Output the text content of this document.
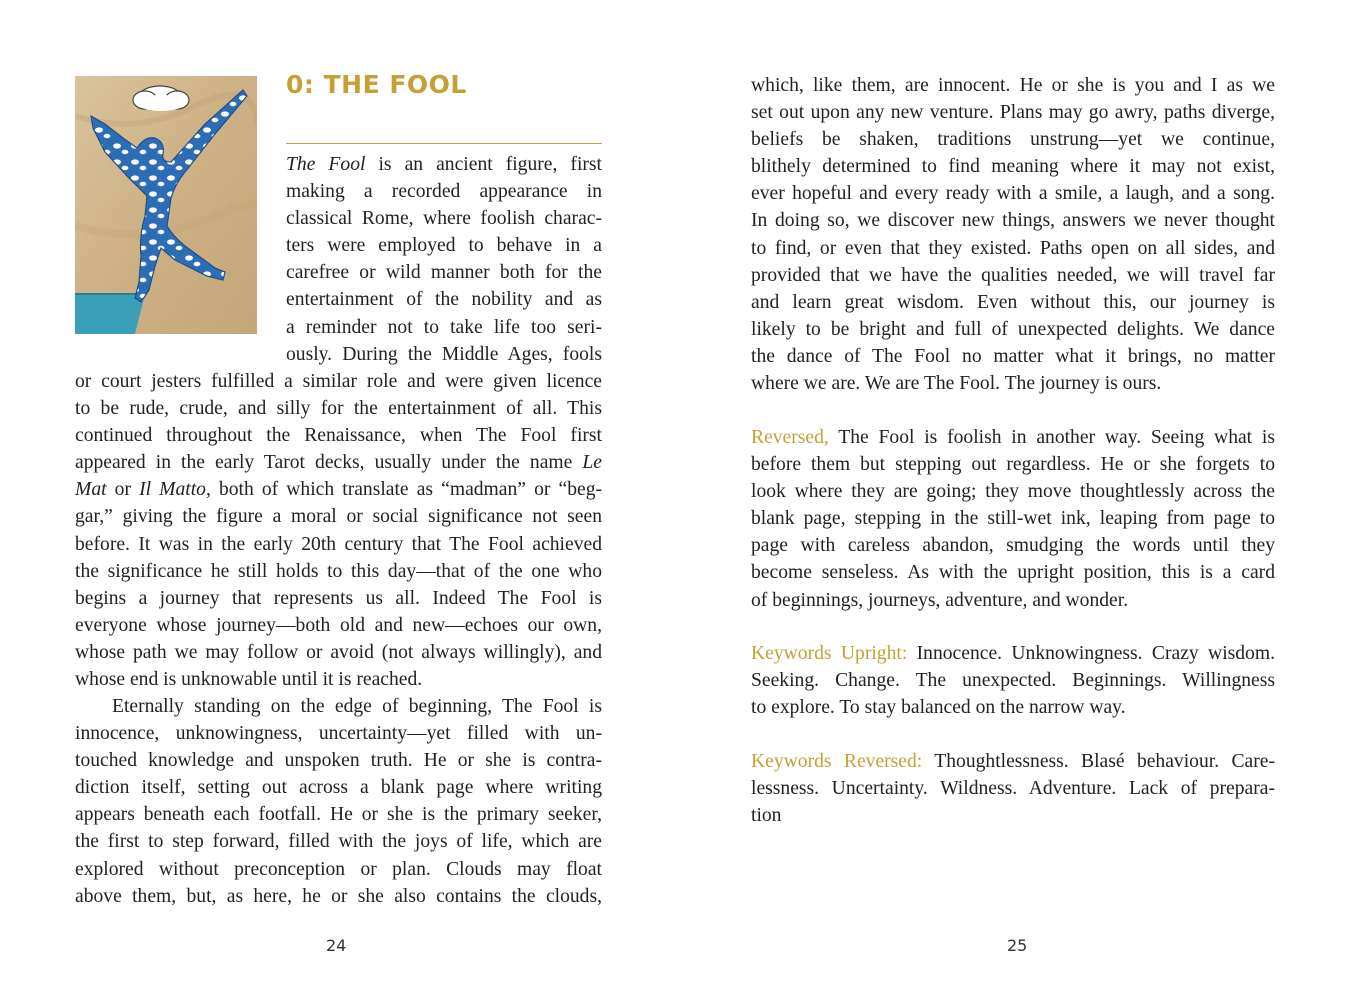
0: THE FOOL
The Fool is an ancient figure, first
making a recorded appearance in
classical Rome, where foolish charac-
ters were employed to behave in a
carefree or wild manner both for the
entertainment of the nobility and as
a reminder not to take life too seri-
ously. During the Middle Ages, fools
or court jesters fulfilled a similar role and were given licence
to be rude, crude, and silly for the entertainment of all. This
continued throughout the Renaissance, when The Fool first
appeared in the early Tarot decks, usually under the name Le
Mat or Il Matto, both of which translate as “madman” or “beg-
gar,” giving the figure a moral or social significance not seen
before. It was in the early 20th century that The Fool achieved
the significance he still holds to this day—that of the one who
begins a journey that represents us all. Indeed The Fool is
everyone whose journey—both old and new—echoes our own,
whose path we may follow or avoid (not always willingly), and
whose end is unknowable until it is reached.
Eternally standing on the edge of beginning, The Fool is
innocence, unknowingness, uncertainty—yet filled with un-
touched knowledge and unspoken truth. He or she is contra-
diction itself, setting out across a blank page where writing
appears beneath each footfall. He or she is the primary seeker,
the first to step forward, filled with the joys of life, which are
explored without preconception or plan. Clouds may float
above them, but, as here, he or she also contains the clouds,
24
which, like them, are innocent. He or she is you and I as we
set out upon any new venture. Plans may go awry, paths diverge,
beliefs be shaken, traditions unstrung—yet we continue,
blithely determined to find meaning where it may not exist,
ever hopeful and every ready with a smile, a laugh, and a song.
In doing so, we discover new things, answers we never thought
to find, or even that they existed. Paths open on all sides, and
provided that we have the qualities needed, we will travel far
and learn great wisdom. Even without this, our journey is
likely to be bright and full of unexpected delights. We dance
the dance of The Fool no matter what it brings, no matter
where we are. We are The Fool. The journey is ours.
Reversed, The Fool is foolish in another way. Seeing what is
before them but stepping out regardless. He or she forgets to
look where they are going; they move thoughtlessly across the
blank page, stepping in the still-wet ink, leaping from page to
page with careless abandon, smudging the words until they
become senseless. As with the upright position, this is a card
of beginnings, journeys, adventure, and wonder.
Keywords Upright: Innocence. Unknowingness. Crazy wisdom.
Seeking. Change. The unexpected. Beginnings. Willingness
to explore. To stay balanced on the narrow way.
Keywords Reversed: Thoughtlessness. Blasé behaviour. Care-
lessness. Uncertainty. Wildness. Adventure. Lack of prepara-
tion
25
